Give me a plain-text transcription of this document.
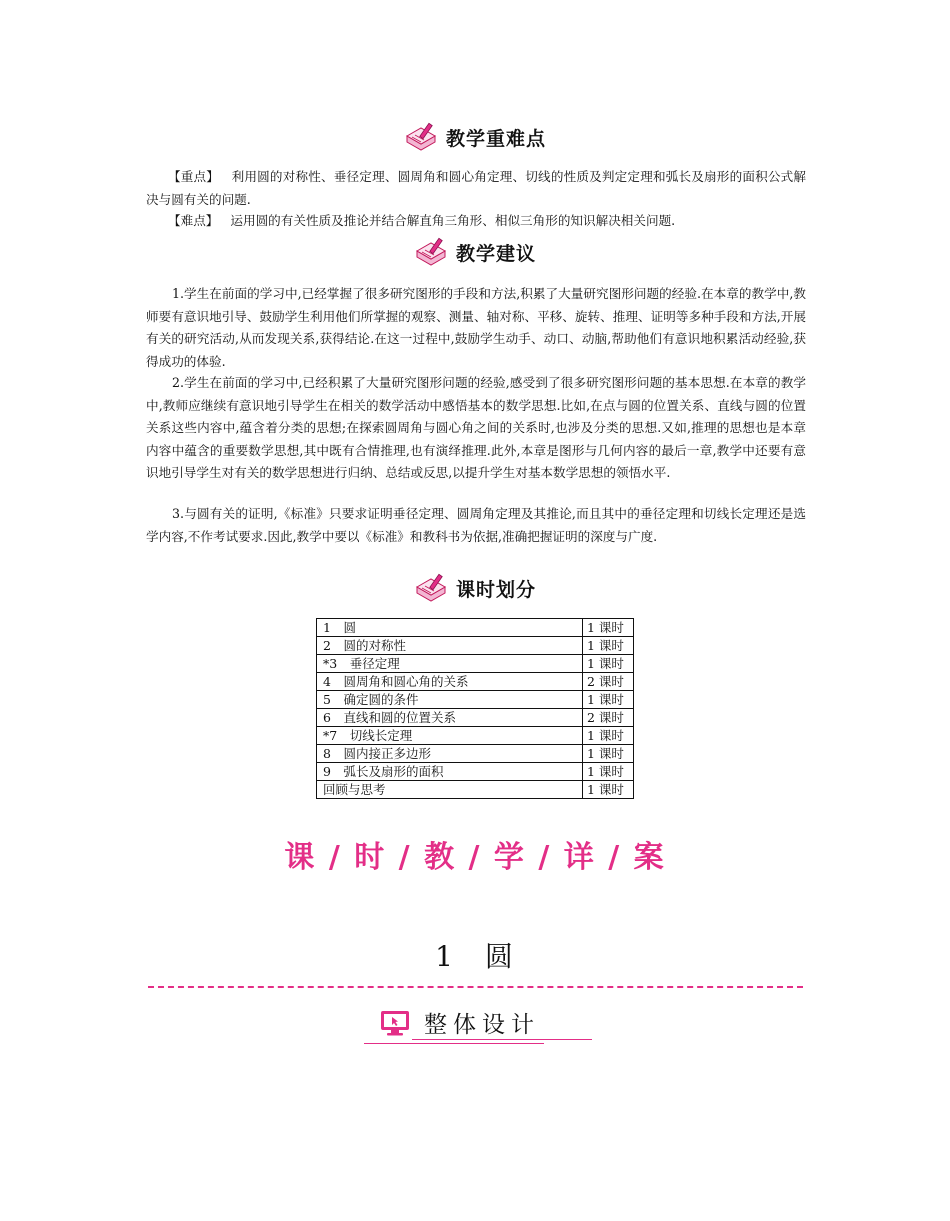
教学重难点

【重点】 利用圆的对称性、垂径定理、圆周角和圆心角定理、切线的性质及判定定理和弧长及扇形的面积公式解决与圆有关的问题.

【难点】 运用圆的有关性质及推论并结合解直角三角形、相似三角形的知识解决相关问题.

教学建议

1.学生在前面的学习中,已经掌握了很多研究图形的手段和方法,积累了大量研究图形问题的经验.在本章的教学中,教师要有意识地引导、鼓励学生利用他们所掌握的观察、测量、轴对称、平移、旋转、推理、证明等多种手段和方法,开展有关的研究活动,从而发现关系,获得结论.在这一过程中,鼓励学生动手、动口、动脑,帮助他们有意识地积累活动经验,获得成功的体验.

2.学生在前面的学习中,已经积累了大量研究图形问题的经验,感受到了很多研究图形问题的基本思想.在本章的教学中,教师应继续有意识地引导学生在相关的数学活动中感悟基本的数学思想.比如,在点与圆的位置关系、直线与圆的位置关系这些内容中,蕴含着分类的思想;在探索圆周角与圆心角之间的关系时,也涉及分类的思想.又如,推理的思想也是本章内容中蕴含的重要数学思想,其中既有合情推理,也有演绎推理.此外,本章是图形与几何内容的最后一章,教学中还要有意识地引导学生对有关的数学思想进行归纳、总结或反思,以提升学生对基本数学思想的领悟水平.

3.与圆有关的证明,《标准》只要求证明垂径定理、圆周角定理及其推论,而且其中的垂径定理和切线长定理还是选学内容,不作考试要求.因此,教学中要以《标准》和教科书为依据,准确把握证明的深度与广度.

课时划分
1　圆	1 课时
2　圆的对称性	1 课时
*3　垂径定理	1 课时
4　圆周角和圆心角的关系	2 课时
5　确定圆的条件	1 课时
6　直线和圆的位置关系	2 课时
*7　切线长定理	1 课时
8　圆内接正多边形	1 课时
9　弧长及扇形的面积	1 课时
回顾与思考	1 课时
课 / 时 / 教 / 学 / 详 / 案
1　圆
整体设计
